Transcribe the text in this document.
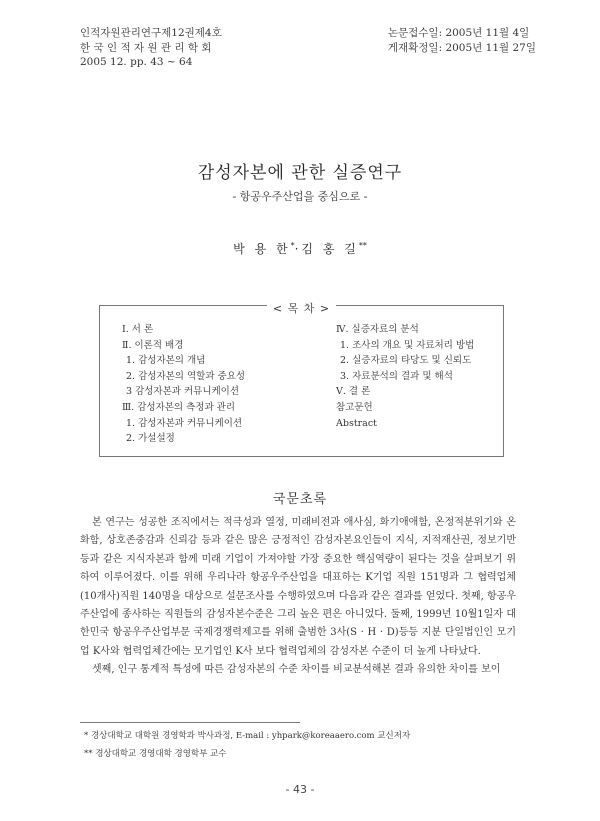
인적자원관리연구제12권제4호
한 국 인 적 자 원 관 리 학 회
2005 12. pp. 43 ~ 64
논문접수일: 2005년 11월 4일
게재확정일: 2005년 11월 27일
감성자본에 관한 실증연구
- 항공우주산업을 중심으로 -
박 용 한*·김 홍 길**
< 목 차 >
Ⅰ. 서 론
Ⅱ. 이론적 배경
1. 감성자본의 개념
2. 감성자본의 역할과 중요성
3 감성자본과 커뮤니케이션
Ⅲ. 감성자본의 측정과 관리
1. 감성자본과 커뮤니케이션
2. 가설설정
Ⅳ. 실증자료의 분석
1. 조사의 개요 및 자료처리 방법
2. 실증자료의 타당도 및 신뢰도
3. 자료분석의 결과 및 해석
Ⅴ. 결 론
참고문헌
Abstract
국문초록

본 연구는 성공한 조직에서는 적극성과 열정, 미래비전과 애사심, 화기애애함, 온정적분위기와 온화함, 상호존중감과 신뢰감 등과 같은 많은 긍정적인 감성자본요인들이 지식, 지적재산권, 정보기반 등과 같은 지식자본과 함께 미래 기업이 가져야할 가장 중요한 핵심역량이 된다는 것을 살펴보기 위하여 이루어졌다. 이를 위해 우리나라 항공우주산업을 대표하는 K기업 직원 151명과 그 협력업체(10개사)직원 140명을 대상으로 설문조사를 수행하였으며 다음과 같은 결과를 얻었다. 첫째, 항공우주산업에 종사하는 직원들의 감성자본수준은 그리 높은 편은 아니었다. 둘째, 1999년 10월1일자 대한민국 항공우주산업부문 국제경쟁력제고를 위해 출범한 3사(S · H · D)등등 지분 단일법인인 모기업 K사와 협력업체간에는 모기업인 K사 보다 협력업체의 감성자본 수준이 더 높게 나타났다.

셋째, 인구 통계적 특성에 따른 감성자본의 수준 차이를 비교분석해본 결과 유의한 차이를 보이

* 경상대학교 대학원 경영학과 박사과정, E-mail : yhpark@koreaaero.com 교신저자
** 경상대학교 경영대학 경영학부 교수
- 43 -
